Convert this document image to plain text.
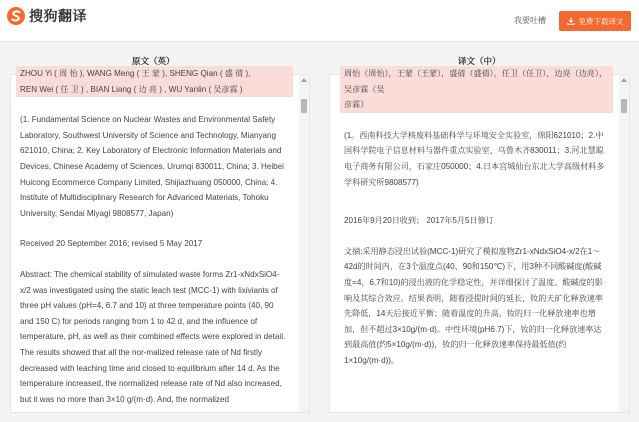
搜狗翻译	我要吐槽	免费下载译文
原文（英）	译文（中）
ZHOU Yi ( 周 怡 ), WANG Meng ( 王 蒙 ), SHENG Qian ( 盛 倩 ),
REN Wei ( 任 卫 ) , BIAN Liang ( 边 亮 ) , WU Yanlin ( 吴彦霖 )

(1. Fundamental Science on Nuclear Wastes and Environmental Safety Laboratory, Southwest University of Science and Technology, Mianyang 621010, China; 2. Key Laboratory of Electronic Information Materials and Devices, Chinese Academy of Sciences, Urumqi 830011, China; 3. Heibei Huicong Ecommerce Company Limited, Shijiazhuang 050000, China; 4. Institute of Multidisciplinary Research for Advanced Materials, Tohoku University, Sendai Miyagi 9808577, Japan)

Received 20 September 2016; revised 5 May 2017

Abstract: The chemical stability of simulated waste forms Zr1-xNdxSiO4-x/2 was investigated using the static leach test (MCC-1) with lixiviants of three pH values (pH=4, 6.7 and 10) at three temperature points (40, 90 and 150 C) for periods ranging from 1 to 42 d, and the influence of temperature, pH, as well as their combined effects were explored in detail. The results showed that all the nor-malized release rate of Nd firstly decreased with leaching time and closed to equilibrium after 14 d. As the temperature increased, the normalized release rate of Nd also increased, but it was no more than 3×10 g/(m·d). And, the normalized

周怡（周怡），王蒙（王蒙），盛倩（盛倩），任卫（任卫），边亮（边亮），吴彦霖（吴
彦霖）

(1。西南科技大学核废料基础科学与环境安全实验室，绵阳621010；2.中国科学院电子信息材料与器件重点实验室，乌鲁木齐830011；3.河北慧聪电子商务有限公司，石家庄050000；4.日本宫城仙台东北大学高级材料多学科研究所9808577)

2016年9月20日收到； 2017年5月5日修订

文摘:采用静态浸出试验(MCC-1)研究了模拟废物Zr1-xNdxSiO4-x/2在1～42d的时间内，在3个温度点(40、90和150℃)下，用3种不同酸碱度(酸碱度=4，6.7和10)的浸出液的化学稳定性，并详细探讨了温度、酸碱度的影响及其综合效应。结果表明，随着浸提时间的延长，钕的天矿化释放速率先降低，14天后接近平衡；随着温度的升高，钕的归一化释放速率也增加，但不超过3×10g/(m·d)。中性环境(pH6.7)下，钕的归一化释放速率达到最高值(约5×10g/(m·d))，钕的归一化释放速率保持最低值(约1×10g/(m·d))。
